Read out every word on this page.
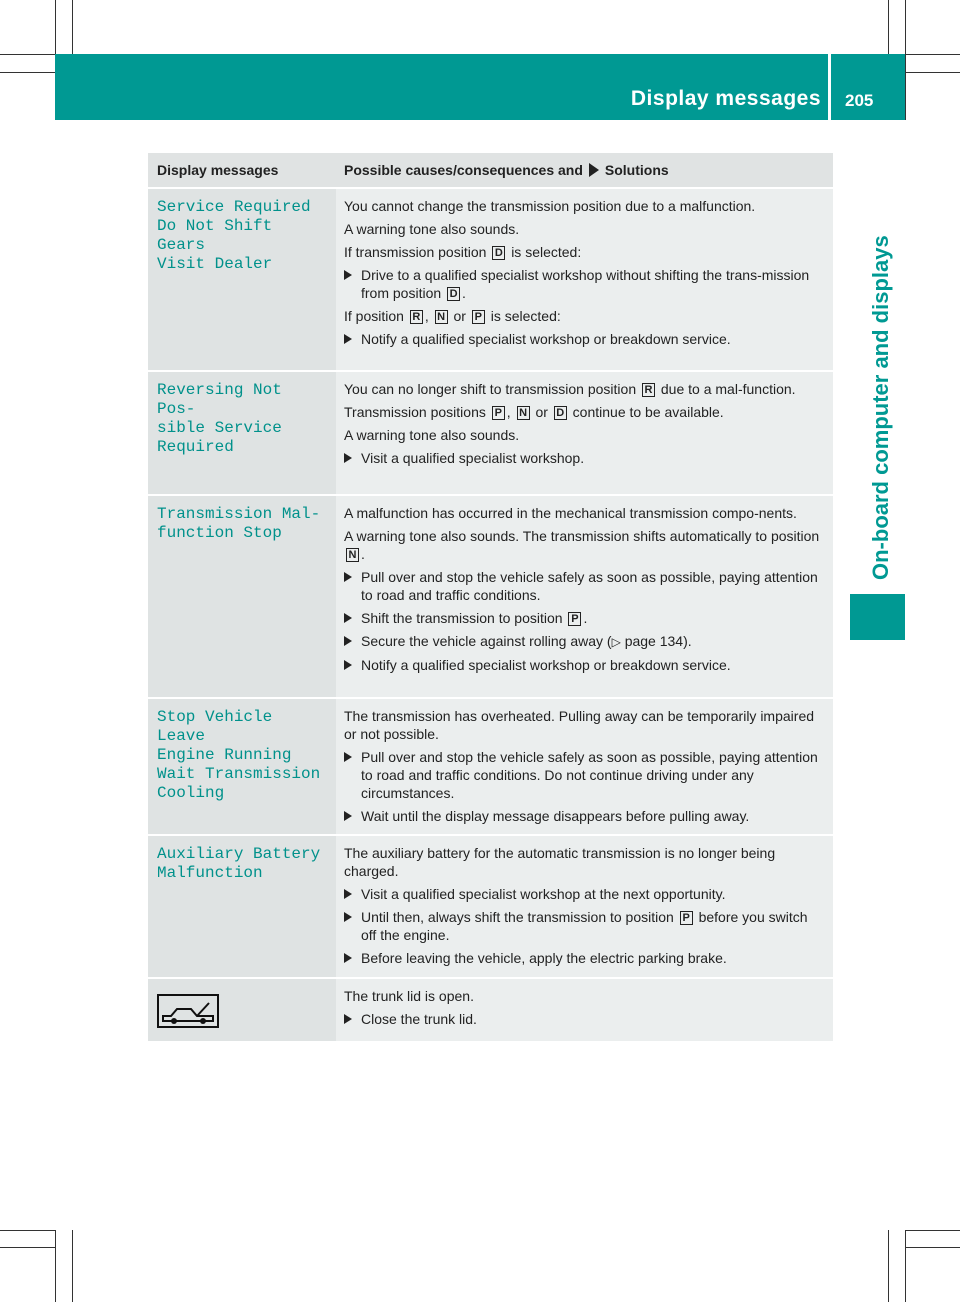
Display messages 205
On-board computer and displays
Display messages	Possible causes/consequences and Solutions
Service Required
Do Not Shift Gears
Visit Dealer

You cannot change the transmission position due to a malfunction.

A warning tone also sounds.

If transmission position D is selected:

Drive to a qualified specialist workshop without shifting the trans-mission from position D .

If position R , N or P is selected:

Notify a qualified specialist workshop or breakdown service.
Reversing Not Pos‐
sible Service
Required

You can no longer shift to transmission position R due to a mal-function.

Transmission positions P , N or D continue to be available.

A warning tone also sounds.

Visit a qualified specialist workshop.
Transmission Mal‐
function Stop

A malfunction has occurred in the mechanical transmission compo-nents.

A warning tone also sounds. The transmission shifts automatically to position N .

Pull over and stop the vehicle safely as soon as possible, paying attention to road and traffic conditions.
Shift the transmission to position P .
Secure the vehicle against rolling away (▷ page 134).
Notify a qualified specialist workshop or breakdown service.
Stop Vehicle Leave
Engine Running
Wait Transmission
Cooling

The transmission has overheated. Pulling away can be temporarily impaired or not possible.

Pull over and stop the vehicle safely as soon as possible, paying attention to road and traffic conditions. Do not continue driving under any circumstances.
Wait until the display message disappears before pulling away.
Auxiliary Battery
Malfunction

The auxiliary battery for the automatic transmission is no longer being charged.

Visit a qualified specialist workshop at the next opportunity.
Until then, always shift the transmission to position P before you switch off the engine.
Before leaving the vehicle, apply the electric parking brake.

The trunk lid is open.

Close the trunk lid.
